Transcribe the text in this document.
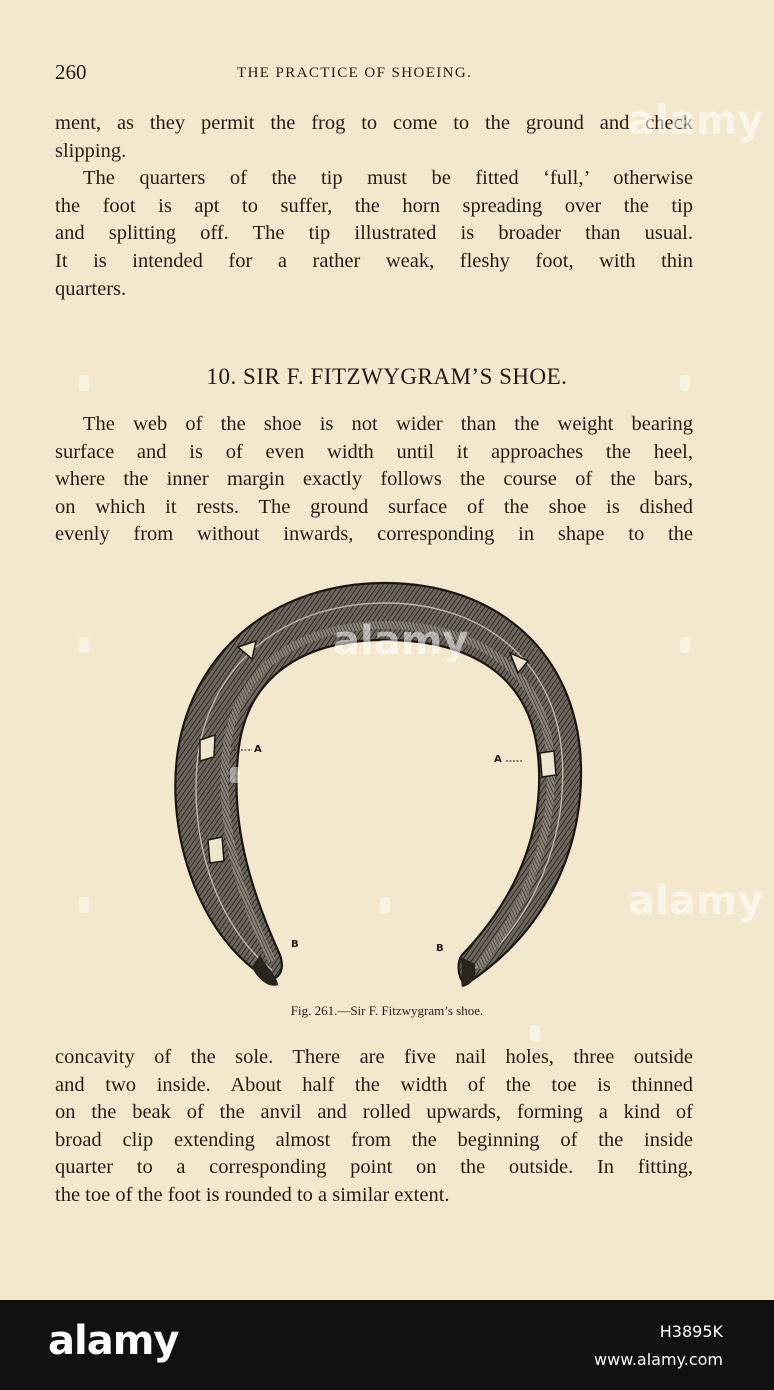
260	THE PRACTICE OF SHOEING.
ment, as they permit the frog to come to the ground and check
slipping.
The quarters of the tip must be fitted ‘full,’ otherwise
the foot is apt to suffer, the horn spreading over the tip
and splitting off. The tip illustrated is broader than usual.
It is intended for a rather weak, fleshy foot, with thin
quarters.
10. SIR F. FITZWYGRAM’S SHOE.
The web of the shoe is not wider than the weight bearing
surface and is of even width until it approaches the heel,
where the inner margin exactly follows the course of the bars,
on which it rests. The ground surface of the shoe is dished
evenly from without inwards, corresponding in shape to the
A
A
B	B
Fig. 261.—Sir F. Fitzwygram’s shoe.
concavity of the sole. There are five nail holes, three outside
and two inside. About half the width of the toe is thinned
on the beak of the anvil and rolled upwards, forming a kind of
broad clip extending almost from the beginning of the inside
quarter to a corresponding point on the outside. In fitting,
the toe of the foot is rounded to a similar extent.
alamy
alamy
alamy
alamy	H3895K
www.alamy.com
